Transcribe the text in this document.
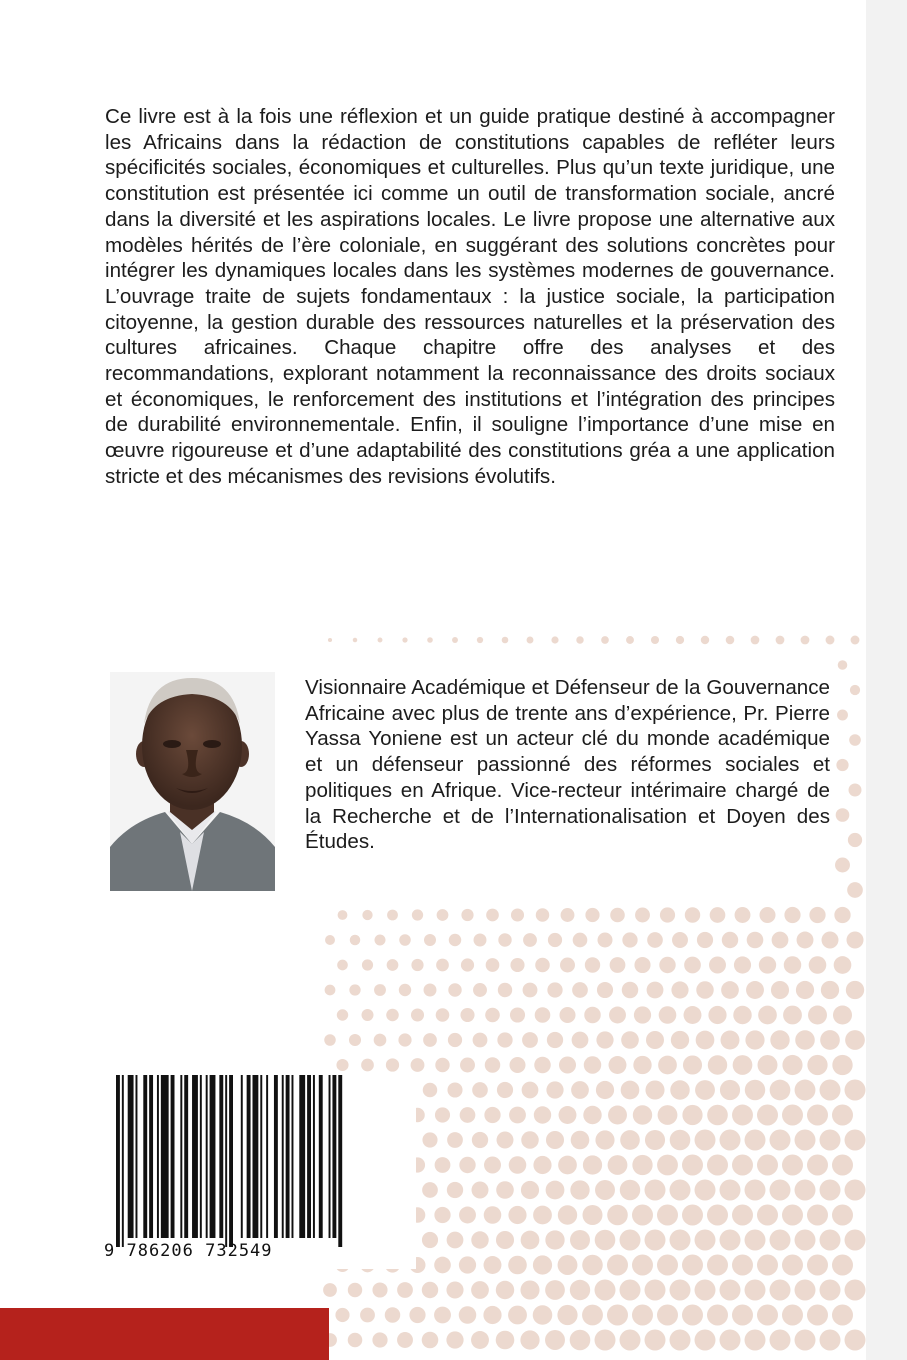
Ce livre est à la fois une réflexion et un guide pratique destiné à accompagner les Africains dans la rédaction de constitutions capables de refléter leurs spécificités sociales, économiques et culturelles. Plus qu’un texte juridique, une constitution est présentée ici comme un outil de transformation sociale, ancré dans la diversité et les aspirations locales. Le livre propose une alternative aux modèles hérités de l’ère coloniale, en suggérant des solutions concrètes pour intégrer les dynamiques locales dans les systèmes modernes de gouvernance. L’ouvrage traite de sujets fondamentaux : la justice sociale, la participation citoyenne, la gestion durable des ressources naturelles et la préservation des cultures africaines. Chaque chapitre offre des analyses et des recommandations, explorant notamment la reconnaissance des droits sociaux et économiques, le renforcement des institutions et l’intégration des principes de durabilité environnementale. Enfin, il souligne l’importance d’une mise en œuvre rigoureuse et d’une adaptabilité des constitutions gréa a une application stricte et des mécanismes des revisions évolutifs.

Visionnaire Académique et Défenseur de la Gouvernance Africaine avec plus de trente ans d’expérience, Pr. Pierre Yassa Yoniene est un acteur clé du monde académique et un défenseur passionné des réformes sociales et politiques en Afrique. Vice-recteur intérimaire chargé de la Recherche et de l’Internationalisation et Doyen des Études.

9 786206 732549
